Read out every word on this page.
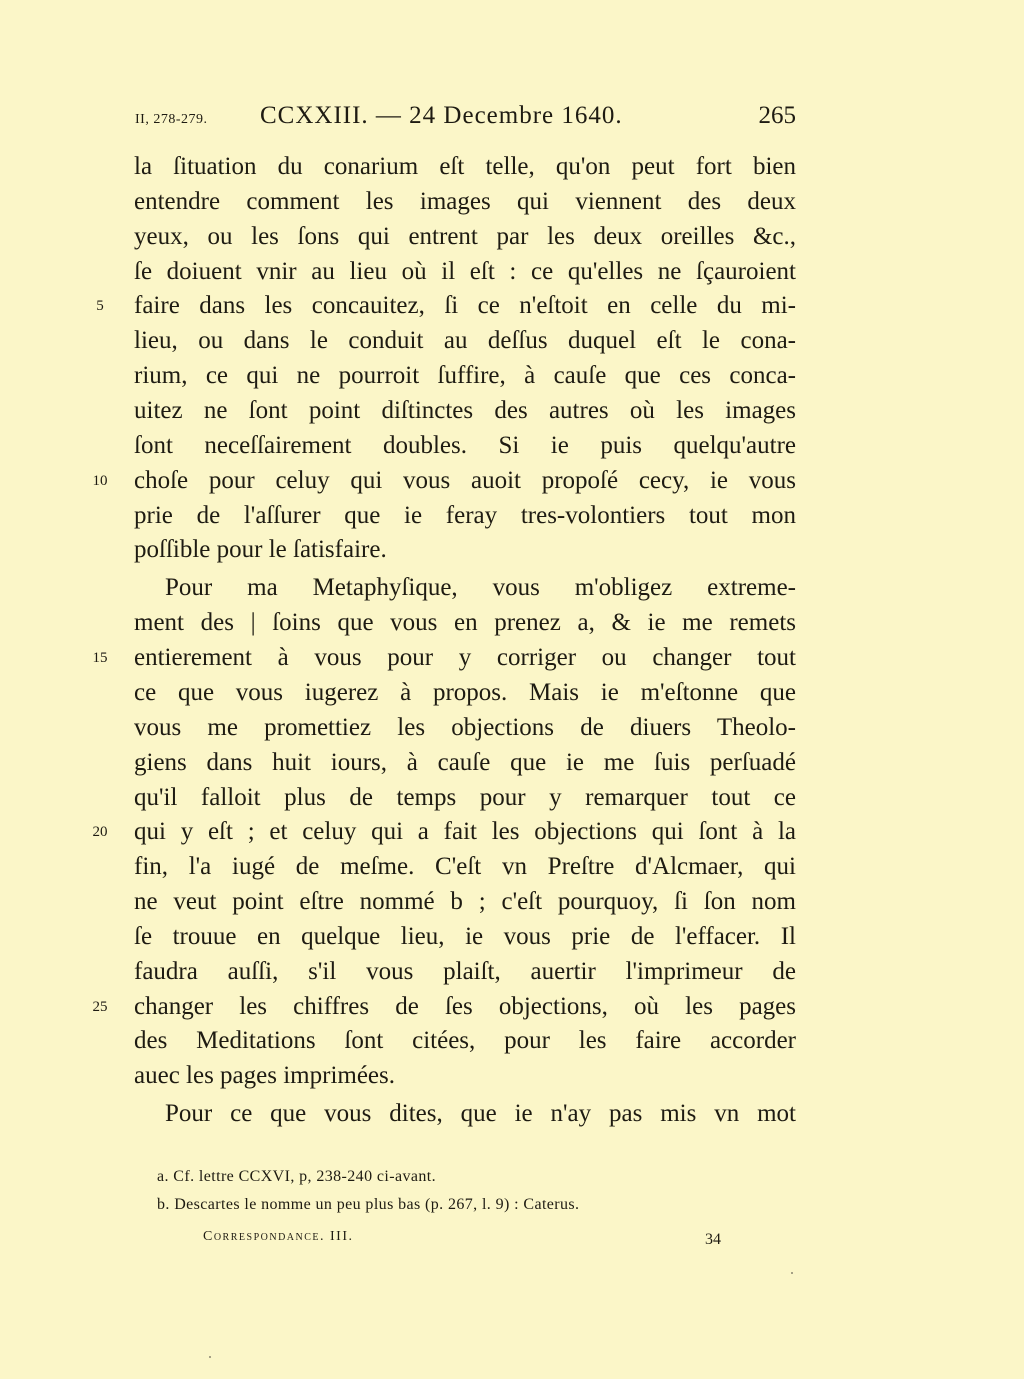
II, 278-279. CCXXIII. — 24 Decembre 1640.	265
la ſituation du conarium eſt telle, qu'on peut fort bien
entendre comment les images qui viennent des deux
yeux, ou les ſons qui entrent par les deux oreilles &c.,
ſe doiuent vnir au lieu où il eſt : ce qu'elles ne ſçauroient
faire dans les concauitez, ſi ce n'eſtoit en celle du mi-
lieu, ou dans le conduit au deſſus duquel eſt le cona-
rium, ce qui ne pourroit ſuffire, à cauſe que ces conca-
uitez ne ſont point diſtinctes des autres où les images
ſont neceſſairement doubles. Si ie puis quelqu'autre
choſe pour celuy qui vous auoit propoſé cecy, ie vous
prie de l'aſſurer que ie feray tres-volontiers tout mon
poſſible pour le ſatisfaire.
Pour ma Metaphyſique, vous m'obligez extreme-
ment des | ſoins que vous en prenez a, & ie me remets
entierement à vous pour y corriger ou changer tout
ce que vous iugerez à propos. Mais ie m'eſtonne que
vous me promettiez les objections de diuers Theolo-
giens dans huit iours, à cauſe que ie me ſuis perſuadé
qu'il falloit plus de temps pour y remarquer tout ce
qui y eſt ; et celuy qui a fait les objections qui ſont à la
fin, l'a iugé de meſme. C'eſt vn Preſtre d'Alcmaer, qui
ne veut point eſtre nommé b ; c'eſt pourquoy, ſi ſon nom
ſe trouue en quelque lieu, ie vous prie de l'effacer. Il
faudra auſſi, s'il vous plaiſt, auertir l'imprimeur de
changer les chiffres de ſes objections, où les pages
des Meditations ſont citées, pour les faire accorder
auec les pages imprimées.
Pour ce que vous dites, que ie n'ay pas mis vn mot
5
10
15
20
25
a. Cf. lettre CCXVI, p, 238-240 ci-avant.
b. Descartes le nomme un peu plus bas (p. 267, l. 9) : Caterus.
Correspondance. III.	34
